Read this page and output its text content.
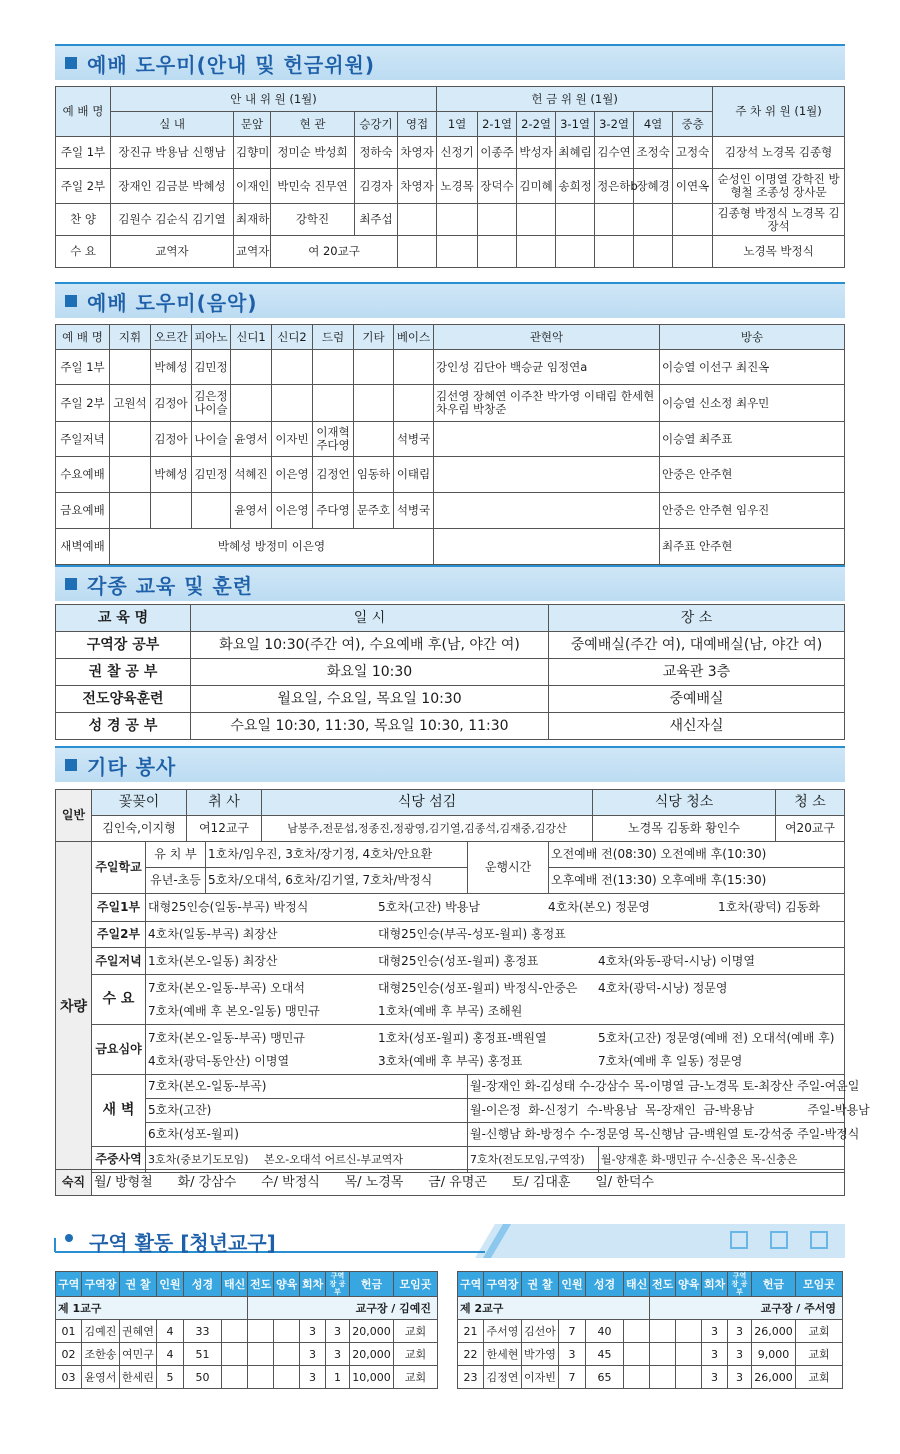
예배 도우미(안내 및 헌금위원)
예 배 명	안 내 위 원 (1월)					헌 금 위 원 (1월)							주 차 위 원 (1월)
	실 내	문앞	현 관	승강기	영접	1열	2-1열	2-2열	3-1열	3-2열	4열	중층	
주일 1부	장진규 박용남 신행남	김향미	정미순 박성희	정하숙	차영자	신정기	이종주	박성자	최혜림	김수연	조정숙	고정숙	김장석 노경목 김종형
주일 2부	장재인 김금분 박혜성	이재인	박민숙 진무연	김경자	차영자	노경목	장덕수	김미혜	송희정	정은하b	장혜경	이연옥	순성인 이명열 강학진 방형철 조종성 장사문
찬 양	김원수 김순식 김기열	최재하	강학진	최주섭									김종형 박정식 노경목 김장석
수 요	교역자	교역자	여 20교구										노경목 박정식
예배 도우미(음악)
예 배 명	지휘	오르간	피아노	신디1	신디2	드럼	기타	베이스	관현악	방송
주일 1부		박혜성	김민정						강인성 김단아 백승균 임정연a	이승열 이선구 최진옥
주일 2부	고원석	김정아	김은정 나이슬						김선영 장혜연 이주찬 박가영 이태림 한세현 차우림 박창준	이승열 신소정 최우민
주일저녁		김정아	나이슬	윤영서	이자빈	이재혁 주다영		석병국		이승열 최주표
수요예배		박혜성	김민정	석혜진	이은영	김정언	임동하	이태림		안중은 안주현
금요예배				윤영서	이은영	주다영	문주호	석병국		안중은 안주현 임우진
새벽예배	박혜성 방정미 이은영									최주표 안주현
각종 교육 및 훈련
교 육 명	일 시	장 소
구역장 공부	화요일 10:30(주간 여), 수요예배 후(남, 야간 여)	중예배실(주간 여), 대예배실(남, 야간 여)
권 찰 공 부	화요일 10:30	교육관 3층
전도양육훈련	월요일, 수요일, 목요일 10:30	중예배실
성 경 공 부	수요일 10:30, 11:30, 목요일 10:30, 11:30	새신자실
기타 봉사
일반	꽃꽂이	취 사	식당 섬김	식당 청소	청 소
	김인숙,이지형	여12교구	남봉주,전문섭,정종진,정광영,김기열,김종석,김재중,김강산	노경목 김동화 황인수	여20교구
차량	주일학교	유 치 부	1호차/임우진, 3호차/장기정, 4호차/안요환	운행시간	오전예배 전(08:30) 오전예배 후(10:30)	
		유년-초등	5호차/오대석, 6호차/김기열, 7호차/박정식		오후예배 전(13:30) 오후예배 후(15:30)	
	주일1부	대형25인승(일동-부곡) 박정식 5호차(고잔) 박용남 4호차(본오) 정문영 1호차(광덕) 김동화				
	주일2부	4호차(일동-부곡) 최장산 대형25인승(부곡-성포-월피) 홍정표				
	주일저녁	1호차(본오-일동) 최장산 대형25인승(성포-월피) 홍정표 4호차(와동-광덕-시낭) 이명열				
	수 요	7호차(본오-일동-부곡) 오대석 대형25인승(성포-월피) 박정식-안중은 4호차(광덕-시낭) 정문영
7호차(예배 후 본오-일동) 맹민규 1호차(예배 후 부곡) 조해원				
	금요심야	7호차(본오-일동-부곡) 맹민규 1호차(성포-월피) 홍정표-백원열 5호차(고잔) 정문영(예배 전) 오대석(예배 후)
4호차(광덕-동안산) 이명열 3호차(예배 후 부곡) 홍정표 7호차(예배 후 일동) 정문영				
	새 벽	7호차(본오-일동-부곡)		월-장재인 화-김성태 수-강삼수 목-이명열 금-노경목 토-최장산 주일-여운일		
		5호차(고잔)		월-이은정  화-신정기  수-박용남  목-장재인  금-박용남              주일-박용남		
		6호차(성포-월피)		월-신행남 화-방정수 수-정문영 목-신행남 금-백원열 토-강석중 주일-박정식		
	주중사역	3호차(중보기도모임) 본오-오대석 어르신-부교역자		7호차(전도모임,구역장)		월-양재훈 화-맹민규 수-신충은 목-신충은
숙직	월/ 방형철      화/ 강삼수      수/ 박정식      목/ 노경목      금/ 유명곤      토/ 김대훈      일/ 한덕수
구역 활동 [청년교구]
구역	구역장	권 찰	인원	성경	태신	전도	양육	회차	구역장 공부	헌금	모임곳
제 1교구						교구장 / 김예진					
01	김예진	권혜연	4	33				3	3	20,000	교회
02	조한송	여민구	4	51				3	3	20,000	교회
03	윤영서	한세린	5	50				3	1	10,000	교회
구역	구역장	권 찰	인원	성경	태신	전도	양육	회차	구역장 공부	헌금	모임곳
제 2교구						교구장 / 주서영					
21	주서영	김선아	7	40				3	3	26,000	교회
22	한세현	박가영	3	45				3	3	9,000	교회
23	김정연	이자빈	7	65				3	3	26,000	교회
